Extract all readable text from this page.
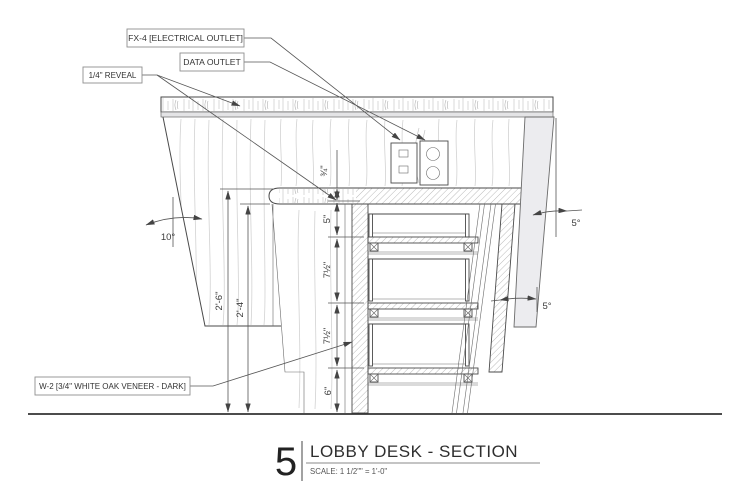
2'-6" 2'-4"
¾"
5"
7½"
7½"
6"
10°
5°
5°
FX-4 [ELECTRICAL OUTLET]
DATA OUTLET
1/4" REVEAL
W-2 [3/4" WHITE OAK VENEER - DARK]
5 LOBBY DESK - SECTION
SCALE: 1 1/2"" = 1'-0"
